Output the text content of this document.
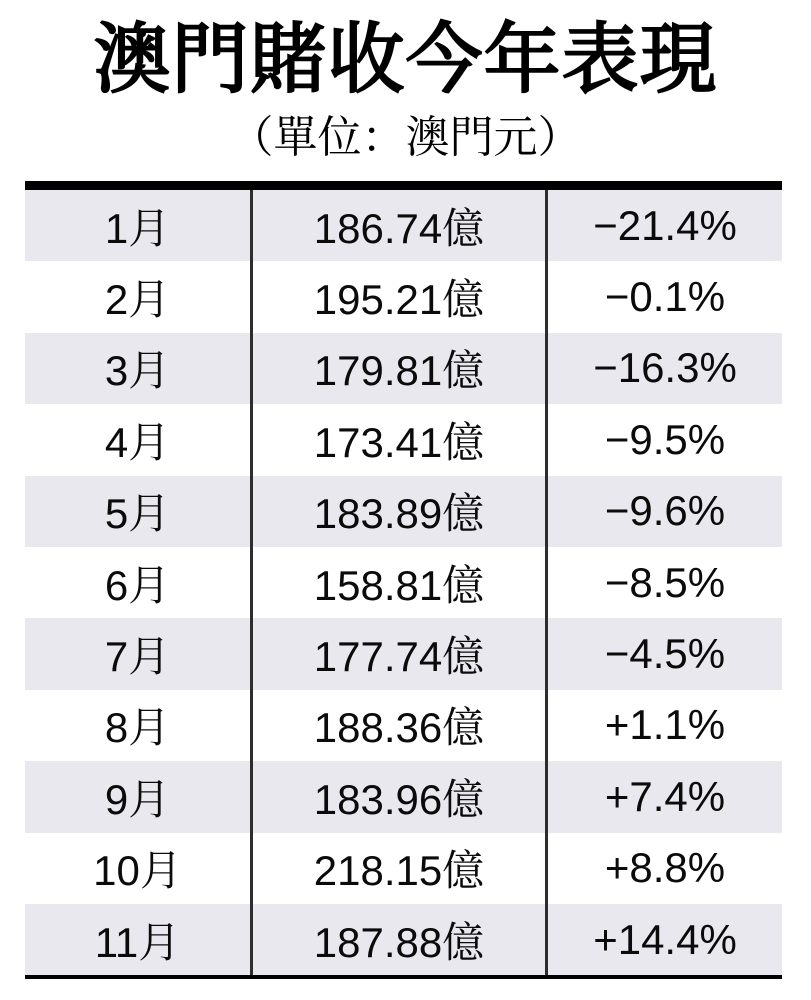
澳門賭收今年表現
（單位：澳門元）
1月	186.74億	−21.4%
2月	195.21億	−0.1%
3月	179.81億	−16.3%
4月	173.41億	−9.5%
5月	183.89億	−9.6%
6月	158.81億	−8.5%
7月	177.74億	−4.5%
8月	188.36億	+1.1%
9月	183.96億	+7.4%
10月	218.15億	+8.8%
11月	187.88億	+14.4%
